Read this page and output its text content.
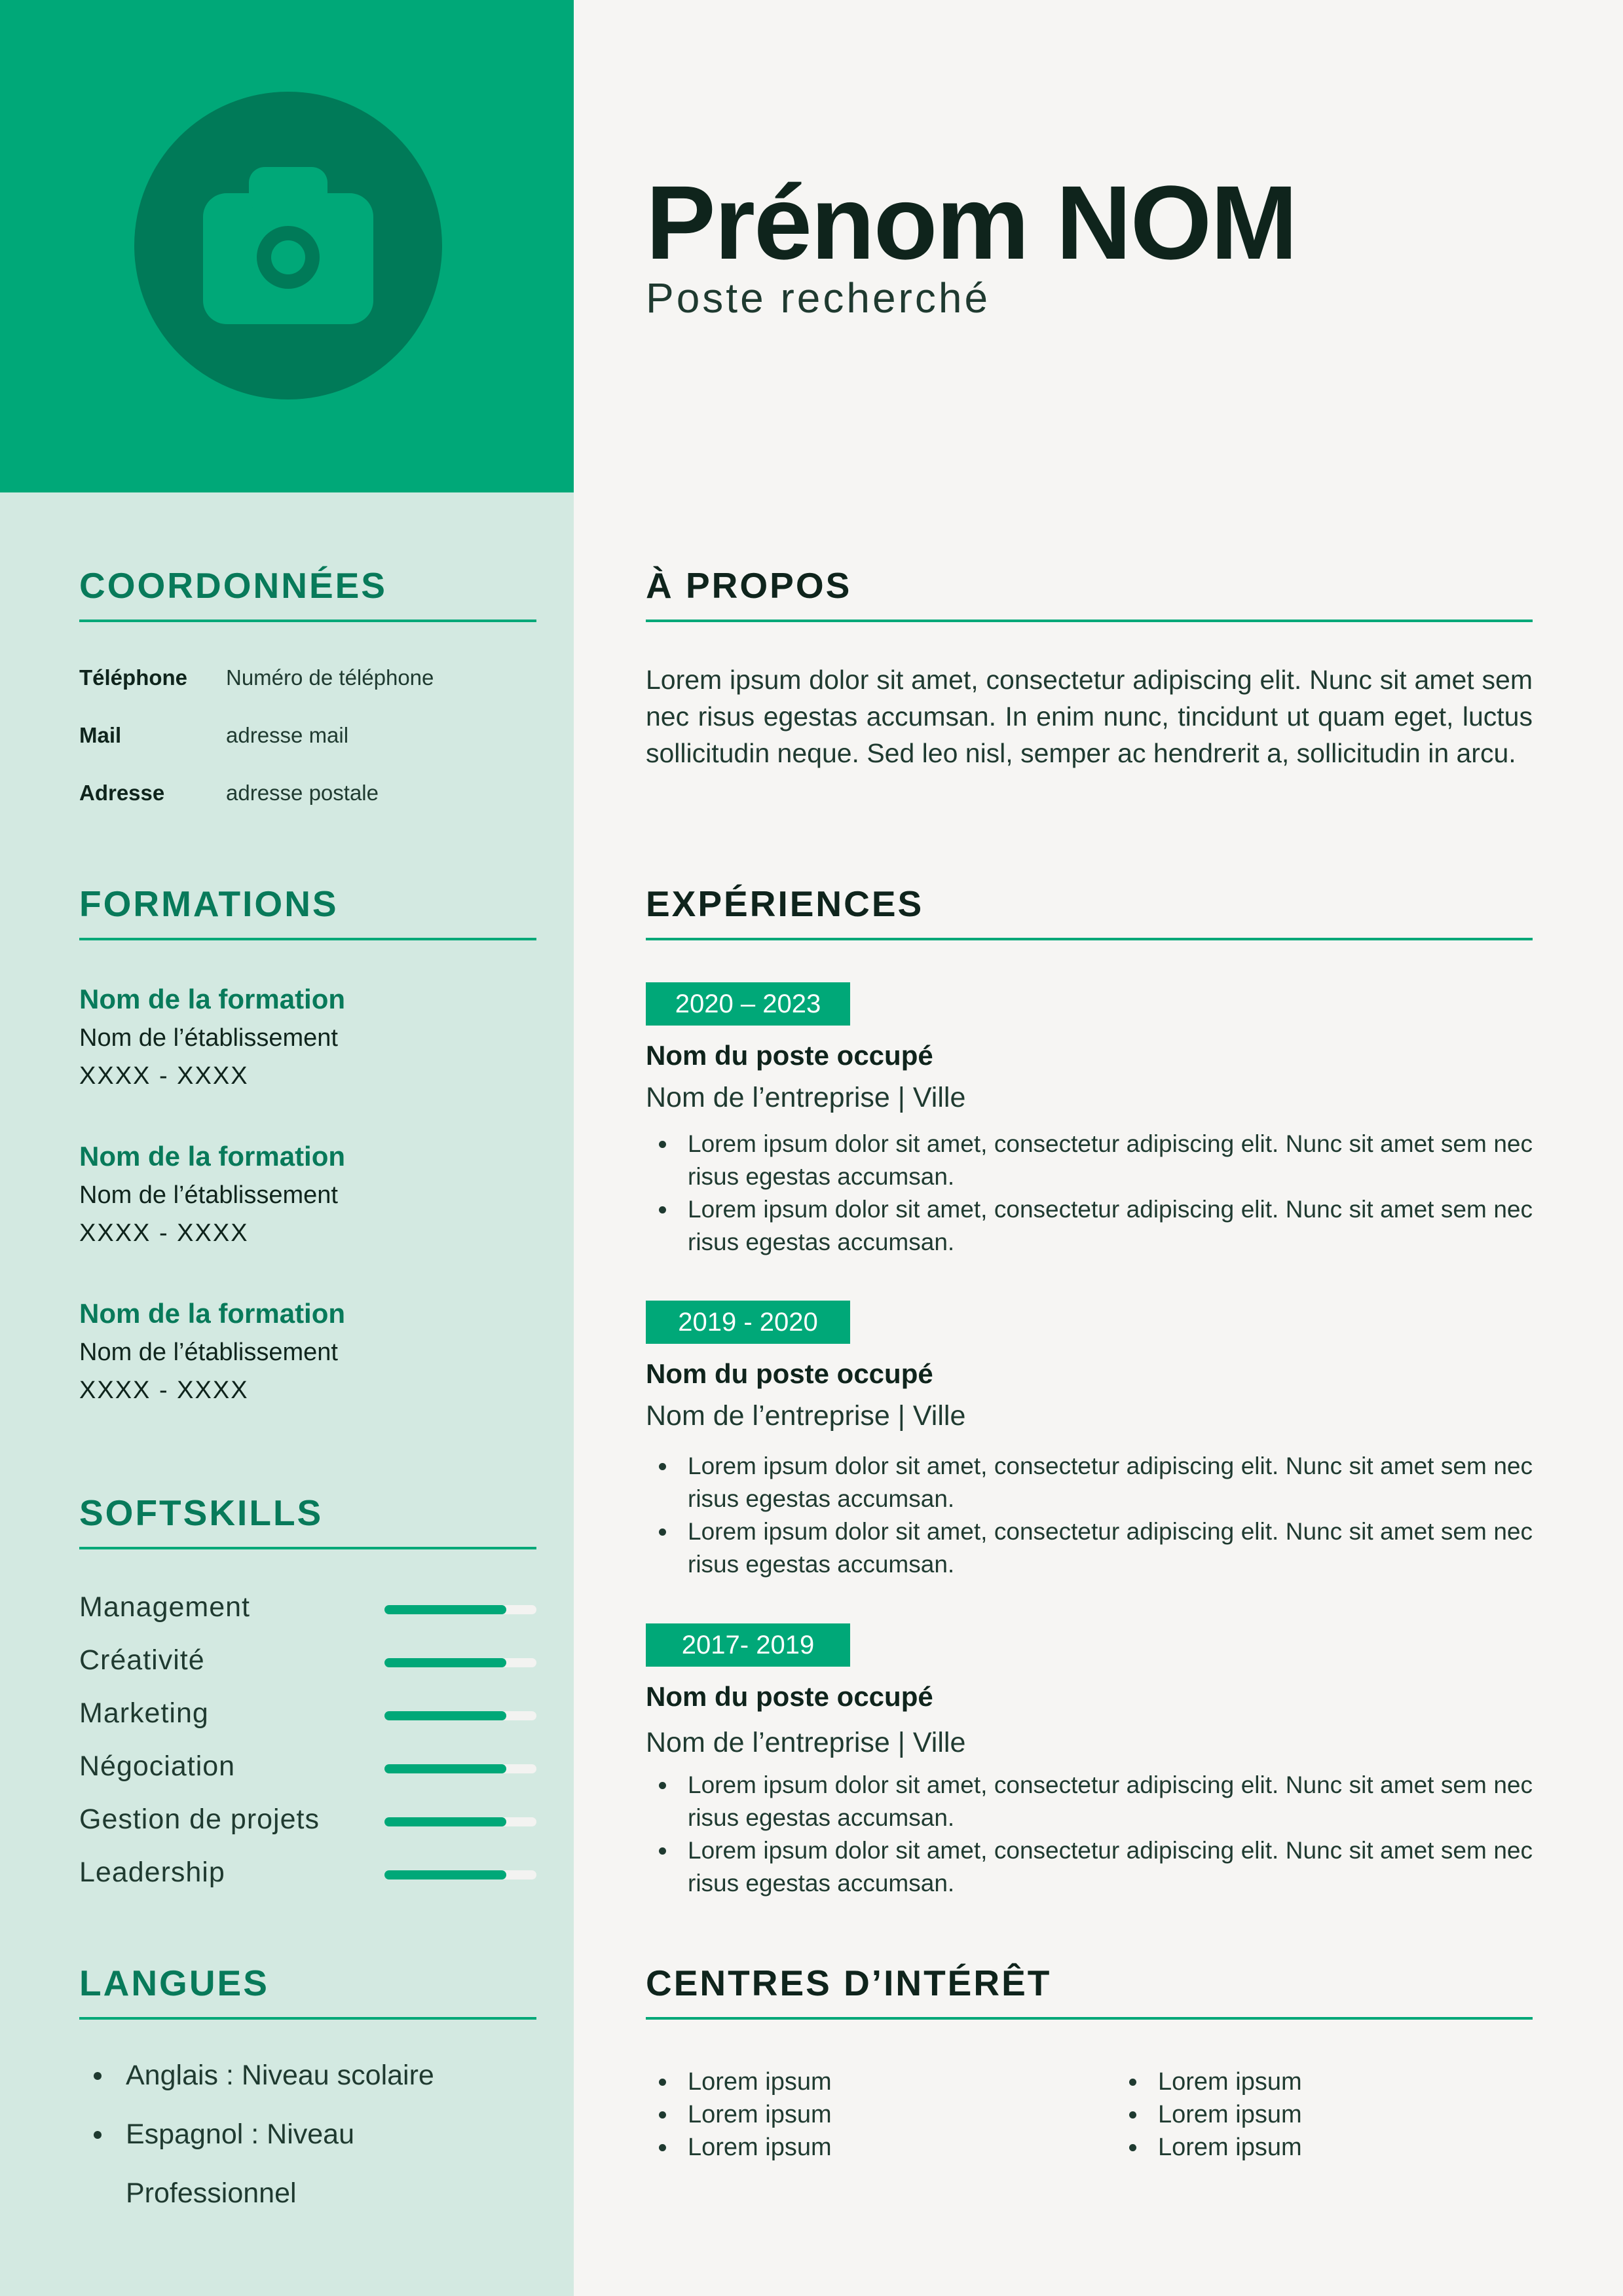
COORDONNÉES
Téléphone Numéro de téléphone
Mail	adresse mail
Adresse	adresse postale
FORMATIONS
Nom de la formation
Nom de l’établissement
XXXX - XXXX
Nom de la formation
Nom de l’établissement
XXXX - XXXX
Nom de la formation
Nom de l’établissement
XXXX - XXXX
SOFTSKILLS
Management
Créativité
Marketing
Négociation
Gestion de projets
Leadership
LANGUES
Anglais : Niveau scolaire
Espagnol : Niveau Professionnel
Prénom NOM
Poste recherché
À PROPOS

Lorem ipsum dolor sit amet, consectetur adipiscing elit. Nunc sit amet sem nec risus egestas accumsan. In enim nunc, tincidunt ut quam eget, luctus sollicitudin neque. Sed leo nisl, semper ac hendrerit a, sollicitudin in arcu.

EXPÉRIENCES
2020 – 2023
Nom du poste occupé
Nom de l’entreprise | Ville
Lorem ipsum dolor sit amet, consectetur adipiscing elit. Nunc sit amet sem nec risus egestas accumsan.
Lorem ipsum dolor sit amet, consectetur adipiscing elit. Nunc sit amet sem nec risus egestas accumsan.
2019 - 2020
Nom du poste occupé
Nom de l’entreprise | Ville
Lorem ipsum dolor sit amet, consectetur adipiscing elit. Nunc sit amet sem nec risus egestas accumsan.
Lorem ipsum dolor sit amet, consectetur adipiscing elit. Nunc sit amet sem nec risus egestas accumsan.
2017- 2019
Nom du poste occupé
Nom de l’entreprise | Ville
Lorem ipsum dolor sit amet, consectetur adipiscing elit. Nunc sit amet sem nec risus egestas accumsan.
Lorem ipsum dolor sit amet, consectetur adipiscing elit. Nunc sit amet sem nec risus egestas accumsan.
CENTRES D’INTÉRÊT
Lorem ipsum
Lorem ipsum
Lorem ipsum
Lorem ipsum
Lorem ipsum
Lorem ipsum
